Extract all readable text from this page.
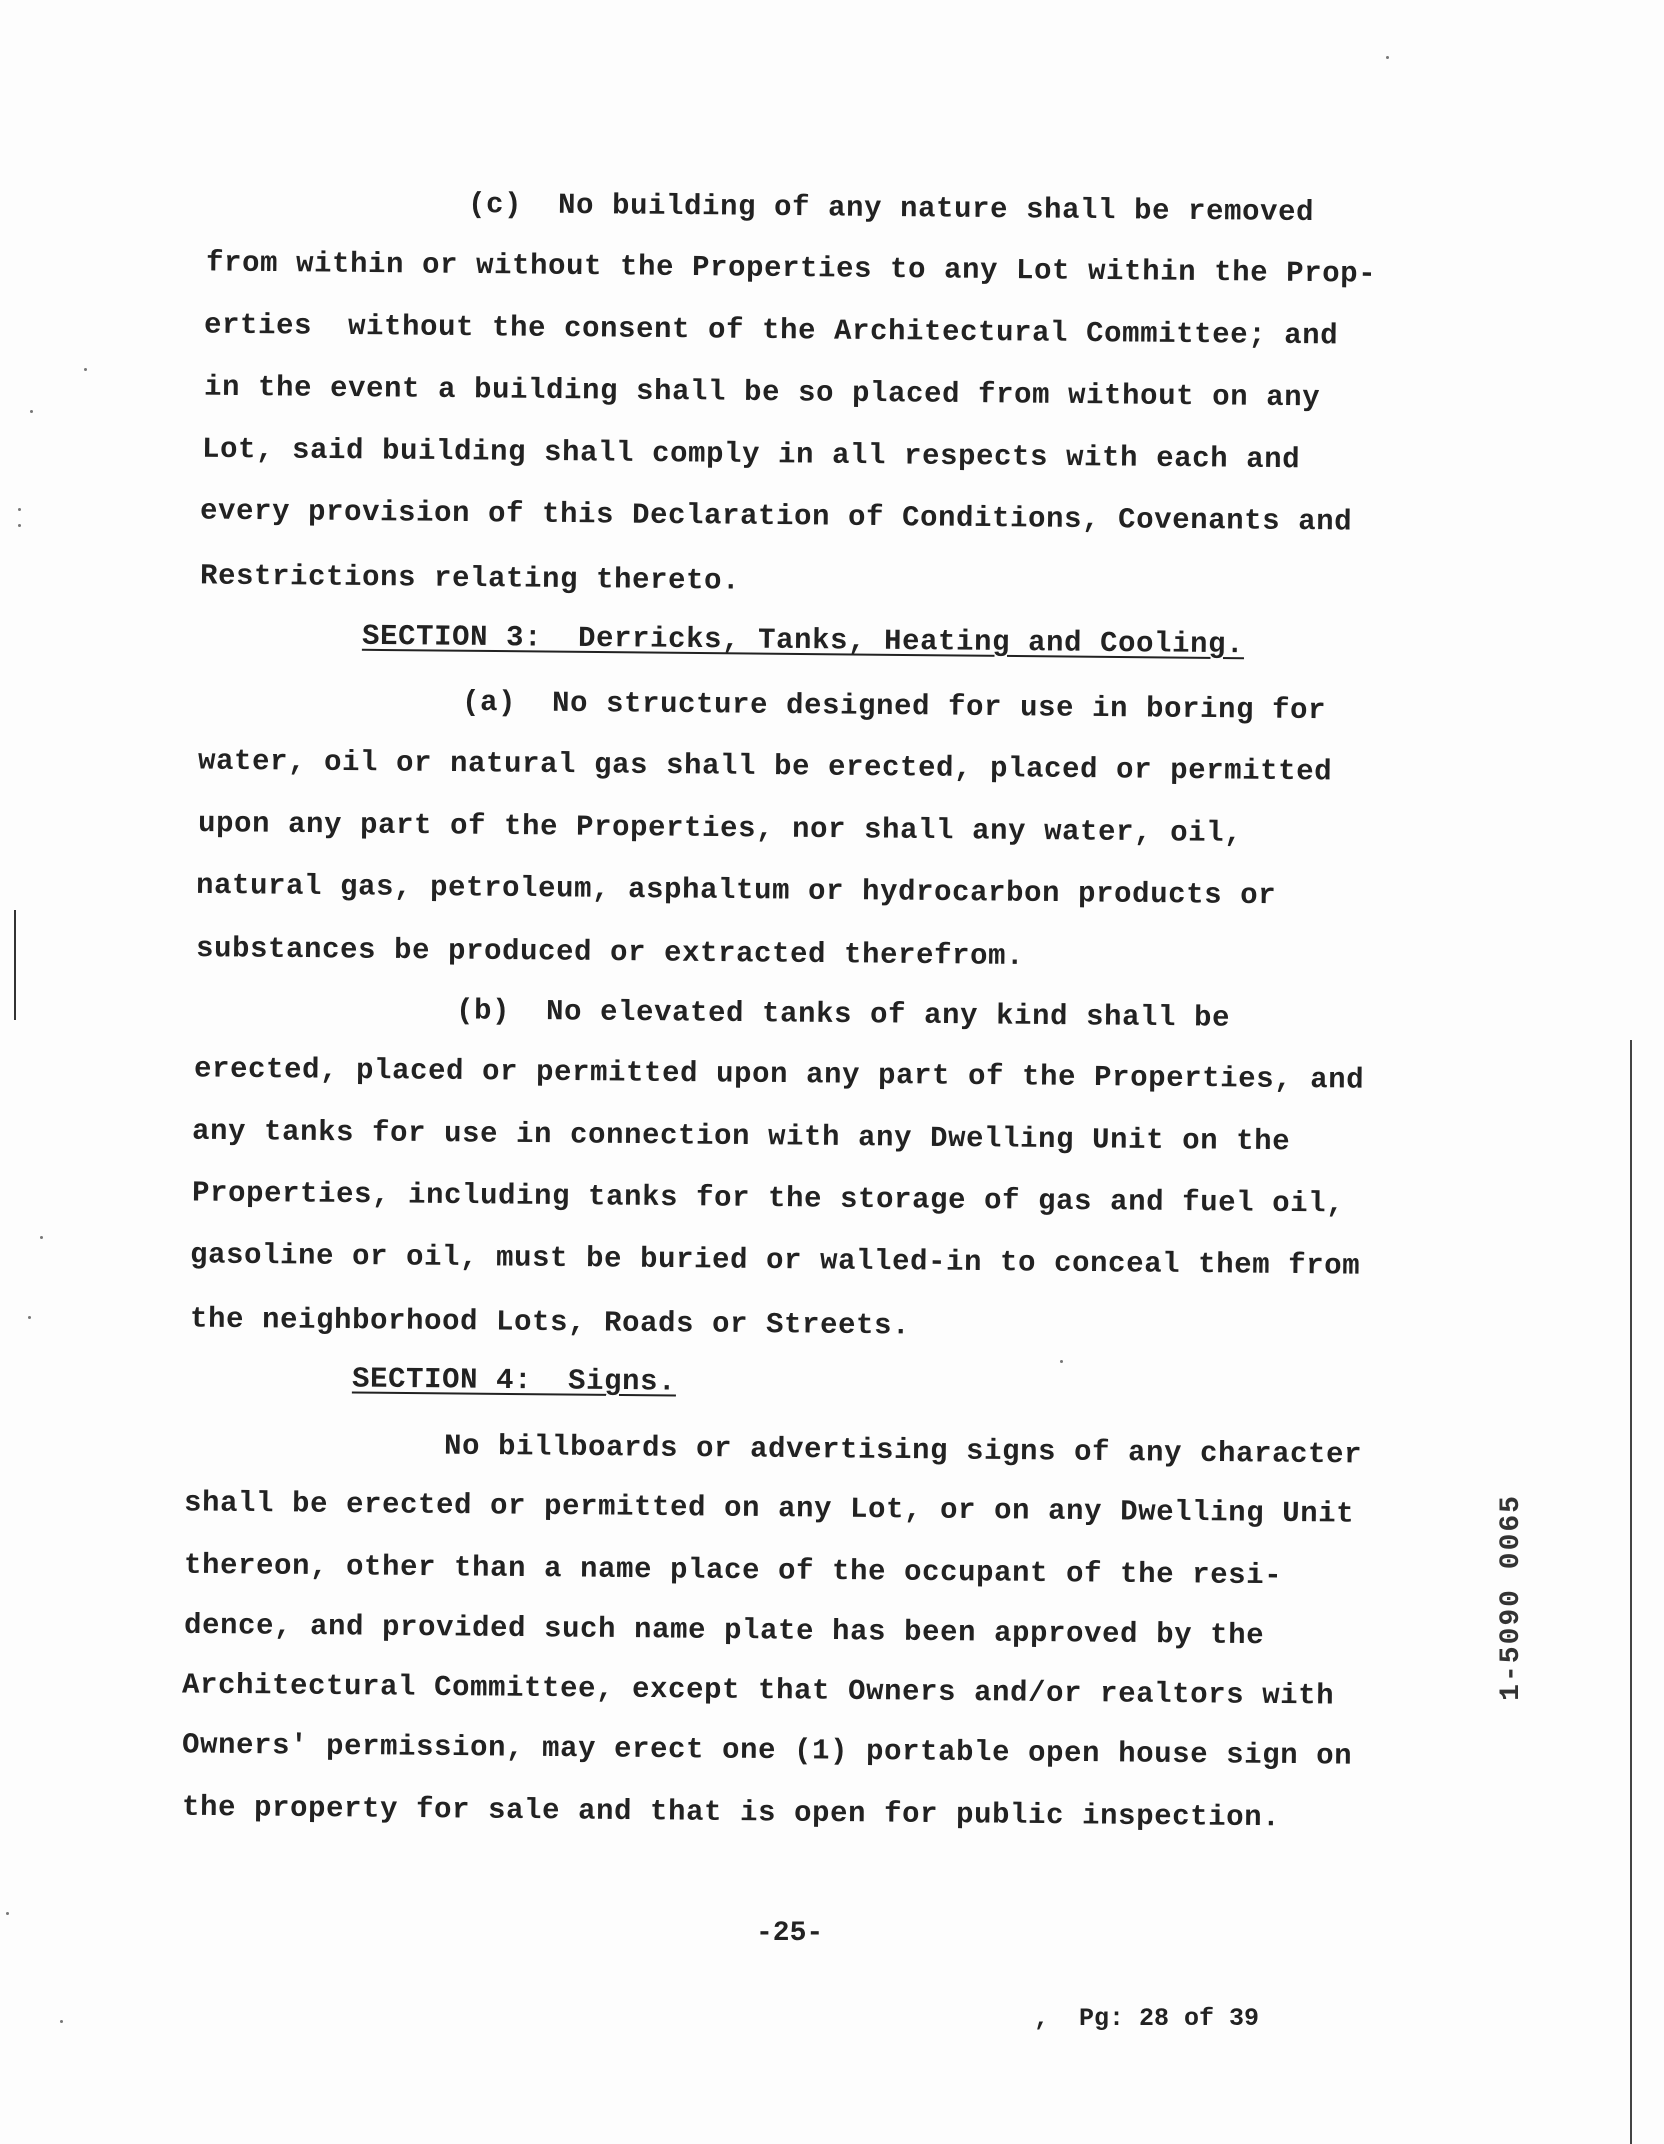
(c)  No building of any nature shall be removed
from within or without the Properties to any Lot within the Prop-
erties  without the consent of the Architectural Committee; and
in the event a building shall be so placed from without on any
Lot, said building shall comply in all respects with each and
every provision of this Declaration of Conditions, Covenants and
Restrictions relating thereto.
SECTION 3:  Derricks, Tanks, Heating and Cooling.
(a)  No structure designed for use in boring for
water, oil or natural gas shall be erected, placed or permitted
upon any part of the Properties, nor shall any water, oil,
natural gas, petroleum, asphaltum or hydrocarbon products or
substances be produced or extracted therefrom.
(b)  No elevated tanks of any kind shall be
erected, placed or permitted upon any part of the Properties, and
any tanks for use in connection with any Dwelling Unit on the
Properties, including tanks for the storage of gas and fuel oil,
gasoline or oil, must be buried or walled-in to conceal them from
the neighborhood Lots, Roads or Streets.
SECTION 4:  Signs.
No billboards or advertising signs of any character
shall be erected or permitted on any Lot, or on any Dwelling Unit
thereon, other than a name place of the occupant of the resi-
dence, and provided such name plate has been approved by the
Architectural Committee, except that Owners and/or realtors with
Owners' permission, may erect one (1) portable open house sign on
the property for sale and that is open for public inspection.
-25-
,  Pg: 28 of 39
1-5090 0065
